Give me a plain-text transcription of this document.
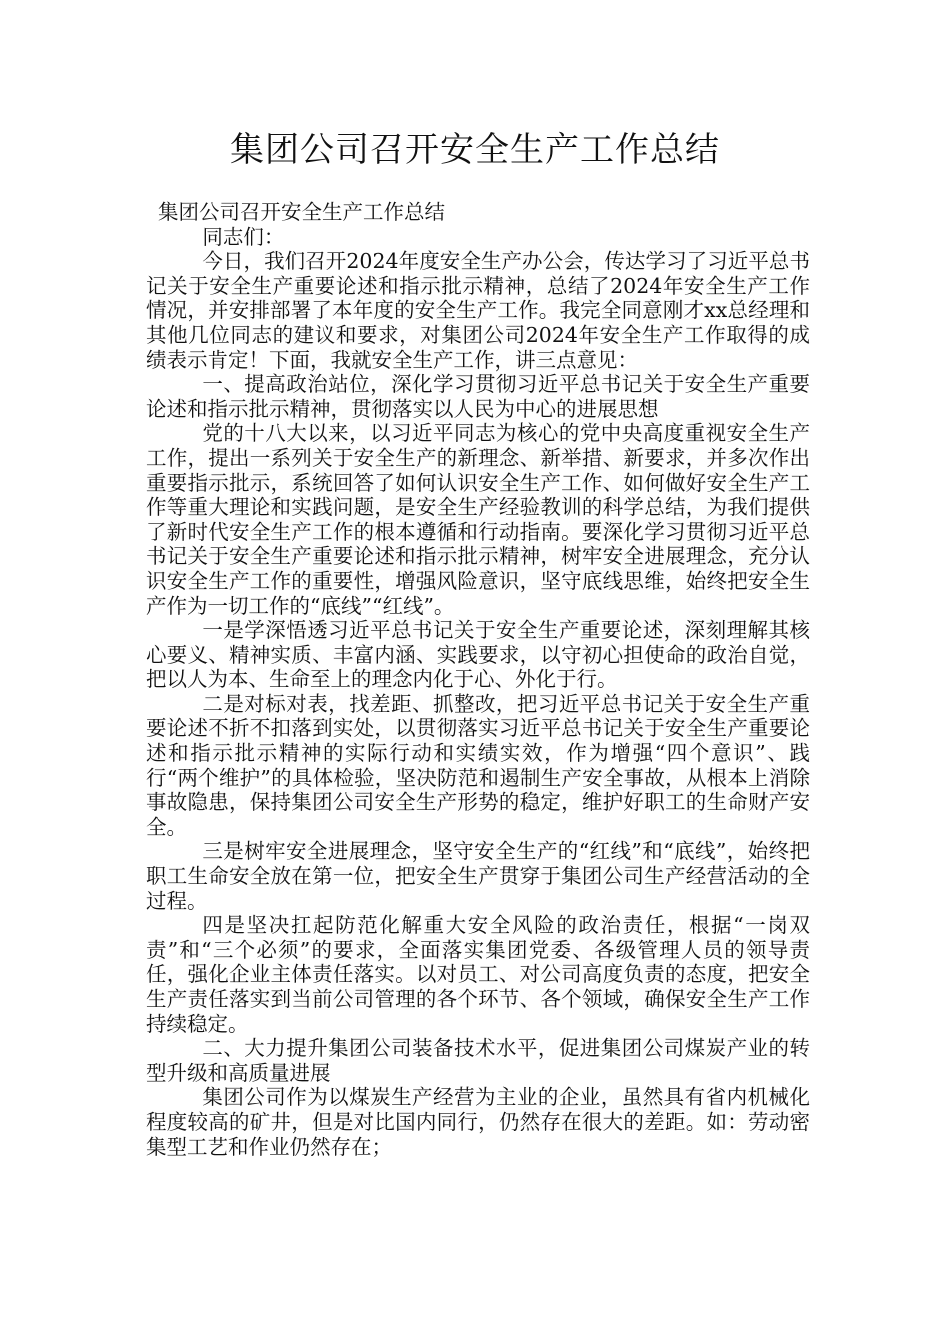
集团公司召开安全生产工作总结

集团公司召开安全生产工作总结

同志们：

今日，我们召开2024年度安全生产办公会，传达学习了习近平总书记关于安全生产重要论述和指示批示精神，总结了2024年安全生产工作情况，并安排部署了本年度的安全生产工作。我完全同意刚才xx总经理和其他几位同志的建议和要求，对集团公司2024年安全生产工作取得的成绩表示肯定！下面，我就安全生产工作，讲三点意见：

一、提高政治站位，深化学习贯彻习近平总书记关于安全生产重要论述和指示批示精神，贯彻落实以人民为中心的进展思想

党的十八大以来，以习近平同志为核心的党中央高度重视安全生产工作，提出一系列关于安全生产的新理念、新举措、新要求，并多次作出重要指示批示，系统回答了如何认识安全生产工作、如何做好安全生产工作等重大理论和实践问题，是安全生产经验教训的科学总结，为我们提供了新时代安全生产工作的根本遵循和行动指南。要深化学习贯彻习近平总书记关于安全生产重要论述和指示批示精神，树牢安全进展理念，充分认识安全生产工作的重要性，增强风险意识，坚守底线思维，始终把安全生产作为一切工作的“底线”“红线”。

一是学深悟透习近平总书记关于安全生产重要论述，深刻理解其核心要义、精神实质、丰富内涵、实践要求，以守初心担使命的政治自觉，把以人为本、生命至上的理念内化于心、外化于行。

二是对标对表，找差距、抓整改，把习近平总书记关于安全生产重要论述不折不扣落到实处，以贯彻落实习近平总书记关于安全生产重要论述和指示批示精神的实际行动和实绩实效，作为增强“四个意识”、践行“两个维护”的具体检验，坚决防范和遏制生产安全事故，从根本上消除事故隐患，保持集团公司安全生产形势的稳定，维护好职工的生命财产安全。

三是树牢安全进展理念，坚守安全生产的“红线”和“底线”，始终把职工生命安全放在第一位，把安全生产贯穿于集团公司生产经营活动的全过程。

四是坚决扛起防范化解重大安全风险的政治责任，根据“一岗双责”和“三个必须”的要求，全面落实集团党委、各级管理人员的领导责任，强化企业主体责任落实。以对员工、对公司高度负责的态度，把安全生产责任落实到当前公司管理的各个环节、各个领域，确保安全生产工作持续稳定。

二、大力提升集团公司装备技术水平，促进集团公司煤炭产业的转型升级和高质量进展

集团公司作为以煤炭生产经营为主业的企业，虽然具有省内机械化程度较高的矿井，但是对比国内同行，仍然存在很大的差距。如：劳动密集型工艺和作业仍然存在；
